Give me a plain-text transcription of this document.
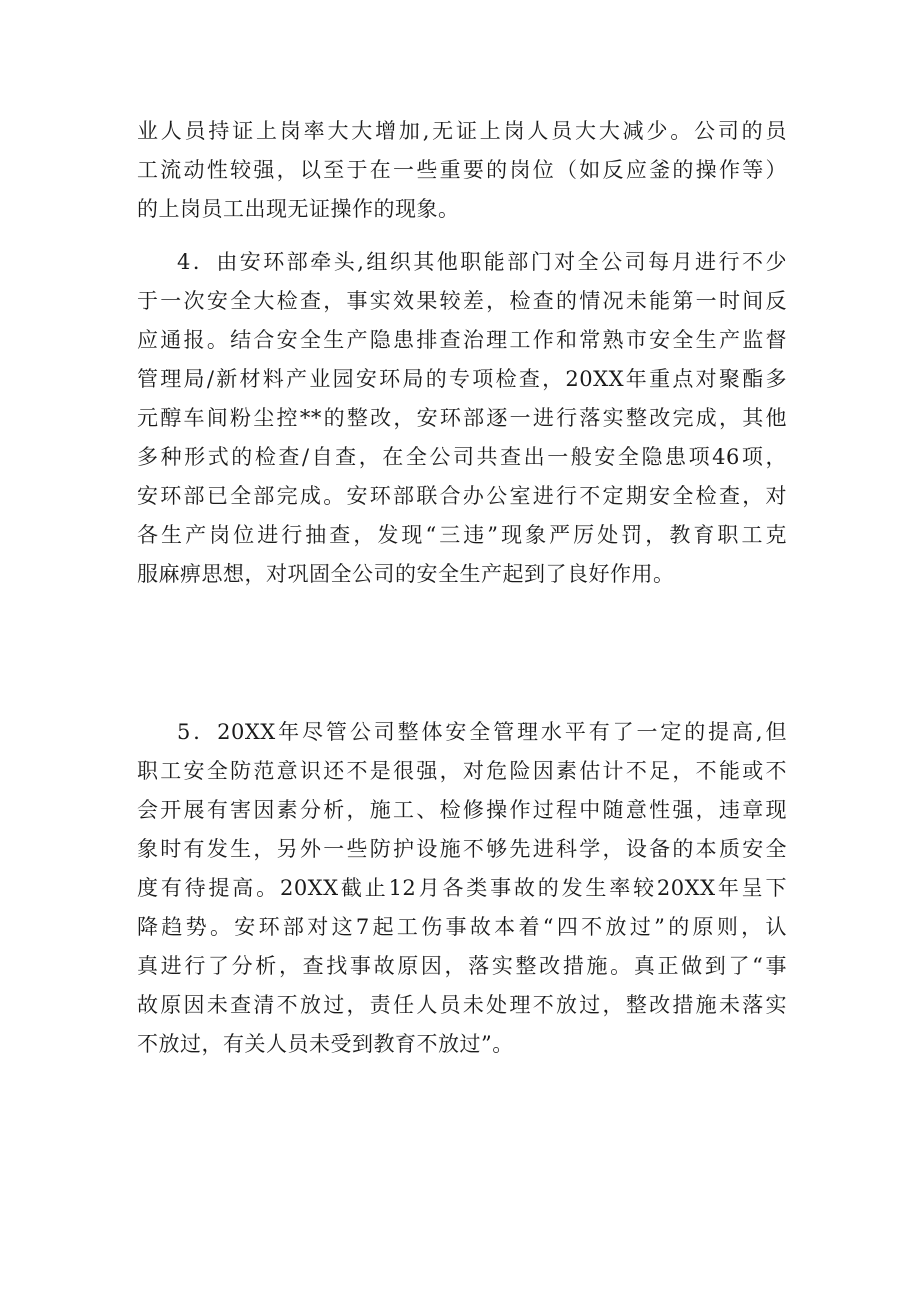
业人员持证上岗率大大增加,无证上岗人员大大减少。公司的员
工流动性较强，以至于在一些重要的岗位（如反应釜的操作等）
的上岗员工出现无证操作的现象。
4．由安环部牵头,组织其他职能部门对全公司每月进行不少
于一次安全大检查，事实效果较差，检查的情况未能第一时间反
应通报。结合安全生产隐患排查治理工作和常熟市安全生产监督
管理局/新材料产业园安环局的专项检查，20XX年重点对聚酯多
元醇车间粉尘控**的整改，安环部逐一进行落实整改完成，其他
多种形式的检查/自查，在全公司共查出一般安全隐患项46项，
安环部已全部完成。安环部联合办公室进行不定期安全检查，对
各生产岗位进行抽查，发现“三违”现象严厉处罚，教育职工克
服麻痹思想，对巩固全公司的安全生产起到了良好作用。
5．20XX年尽管公司整体安全管理水平有了一定的提高,但
职工安全防范意识还不是很强，对危险因素估计不足，不能或不
会开展有害因素分析，施工、检修操作过程中随意性强，违章现
象时有发生，另外一些防护设施不够先进科学，设备的本质安全
度有待提高。20XX截止12月各类事故的发生率较20XX年呈下
降趋势。安环部对这7起工伤事故本着“四不放过”的原则，认
真进行了分析，查找事故原因，落实整改措施。真正做到了“事
故原因未查清不放过，责任人员未处理不放过，整改措施未落实
不放过，有关人员未受到教育不放过”。
